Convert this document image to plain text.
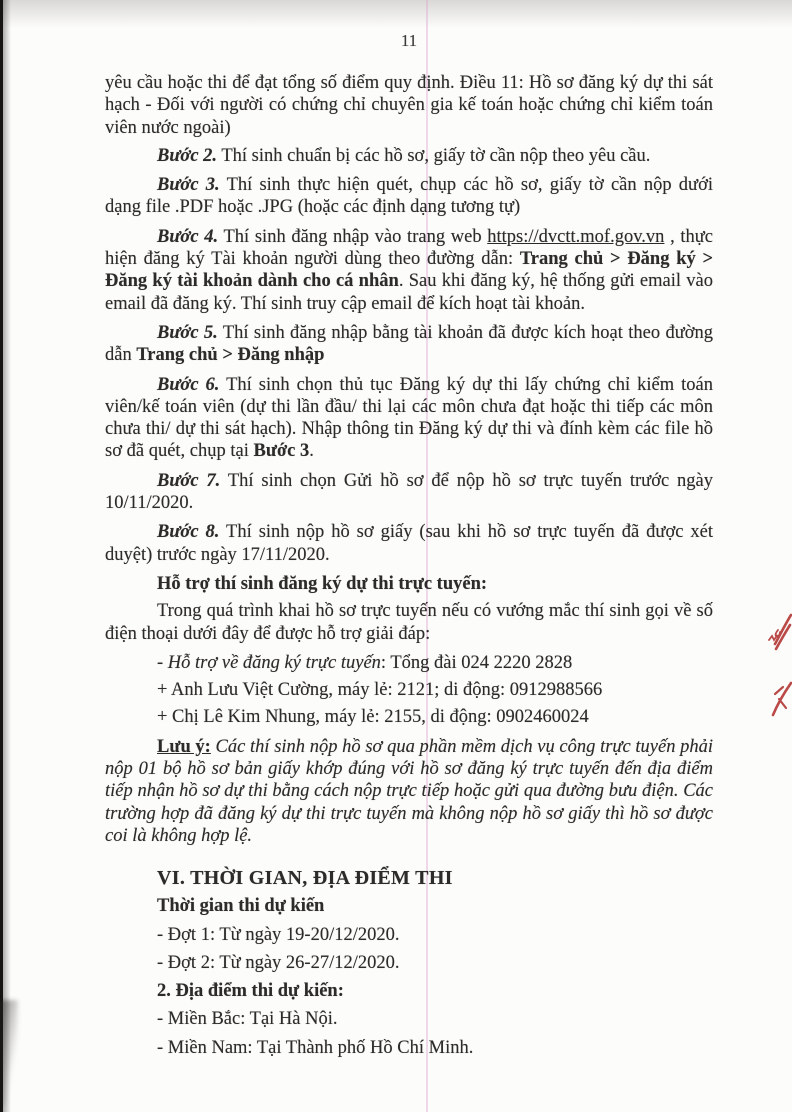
11

yêu cầu hoặc thi để đạt tổng số điểm quy định. Điều 11: Hồ sơ đăng ký dự thi sát hạch - Đối với người có chứng chỉ chuyên gia kế toán hoặc chứng chỉ kiểm toán viên nước ngoài)

Bước 2. Thí sinh chuẩn bị các hồ sơ, giấy tờ cần nộp theo yêu cầu.

Bước 3. Thí sinh thực hiện quét, chụp các hồ sơ, giấy tờ cần nộp dưới dạng file .PDF hoặc .JPG (hoặc các định dạng tương tự)

Bước 4. Thí sinh đăng nhập vào trang web https://dvctt.mof.gov.vn , thực hiện đăng ký Tài khoản người dùng theo đường dẫn: Trang chủ > Đăng ký > Đăng ký tài khoản dành cho cá nhân. Sau khi đăng ký, hệ thống gửi email vào email đã đăng ký. Thí sinh truy cập email để kích hoạt tài khoản.

Bước 5. Thí sinh đăng nhập bằng tài khoản đã được kích hoạt theo đường dẫn Trang chủ > Đăng nhập

Bước 6. Thí sinh chọn thủ tục Đăng ký dự thi lấy chứng chỉ kiểm toán viên/kế toán viên (dự thi lần đầu/ thi lại các môn chưa đạt hoặc thi tiếp các môn chưa thi/ dự thi sát hạch). Nhập thông tin Đăng ký dự thi và đính kèm các file hồ sơ đã quét, chụp tại Bước 3.

Bước 7. Thí sinh chọn Gửi hồ sơ để nộp hồ sơ trực tuyến trước ngày 10/11/2020.

Bước 8. Thí sinh nộp hồ sơ giấy (sau khi hồ sơ trực tuyến đã được xét duyệt) trước ngày 17/11/2020.

Hỗ trợ thí sinh đăng ký dự thi trực tuyến:

Trong quá trình khai hồ sơ trực tuyến nếu có vướng mắc thí sinh gọi về số điện thoại dưới đây để được hỗ trợ giải đáp:

- Hỗ trợ về đăng ký trực tuyến: Tổng đài 024 2220 2828

+ Anh Lưu Việt Cường, máy lẻ: 2121; di động: 0912988566

+ Chị Lê Kim Nhung, máy lẻ: 2155, di động: 0902460024

Lưu ý: Các thí sinh nộp hồ sơ qua phần mềm dịch vụ công trực tuyến phải nộp 01 bộ hồ sơ bản giấy khớp đúng với hồ sơ đăng ký trực tuyến đến địa điểm tiếp nhận hồ sơ dự thi bằng cách nộp trực tiếp hoặc gửi qua đường bưu điện. Các trường hợp đã đăng ký dự thi trực tuyến mà không nộp hồ sơ giấy thì hồ sơ được coi là không hợp lệ.

VI. THỜI GIAN, ĐỊA ĐIỂM THI

Thời gian thi dự kiến

- Đợt 1: Từ ngày 19-20/12/2020.

- Đợt 2: Từ ngày 26-27/12/2020.

2. Địa điểm thi dự kiến:

- Miền Bắc: Tại Hà Nội.

- Miền Nam: Tại Thành phố Hồ Chí Minh.
